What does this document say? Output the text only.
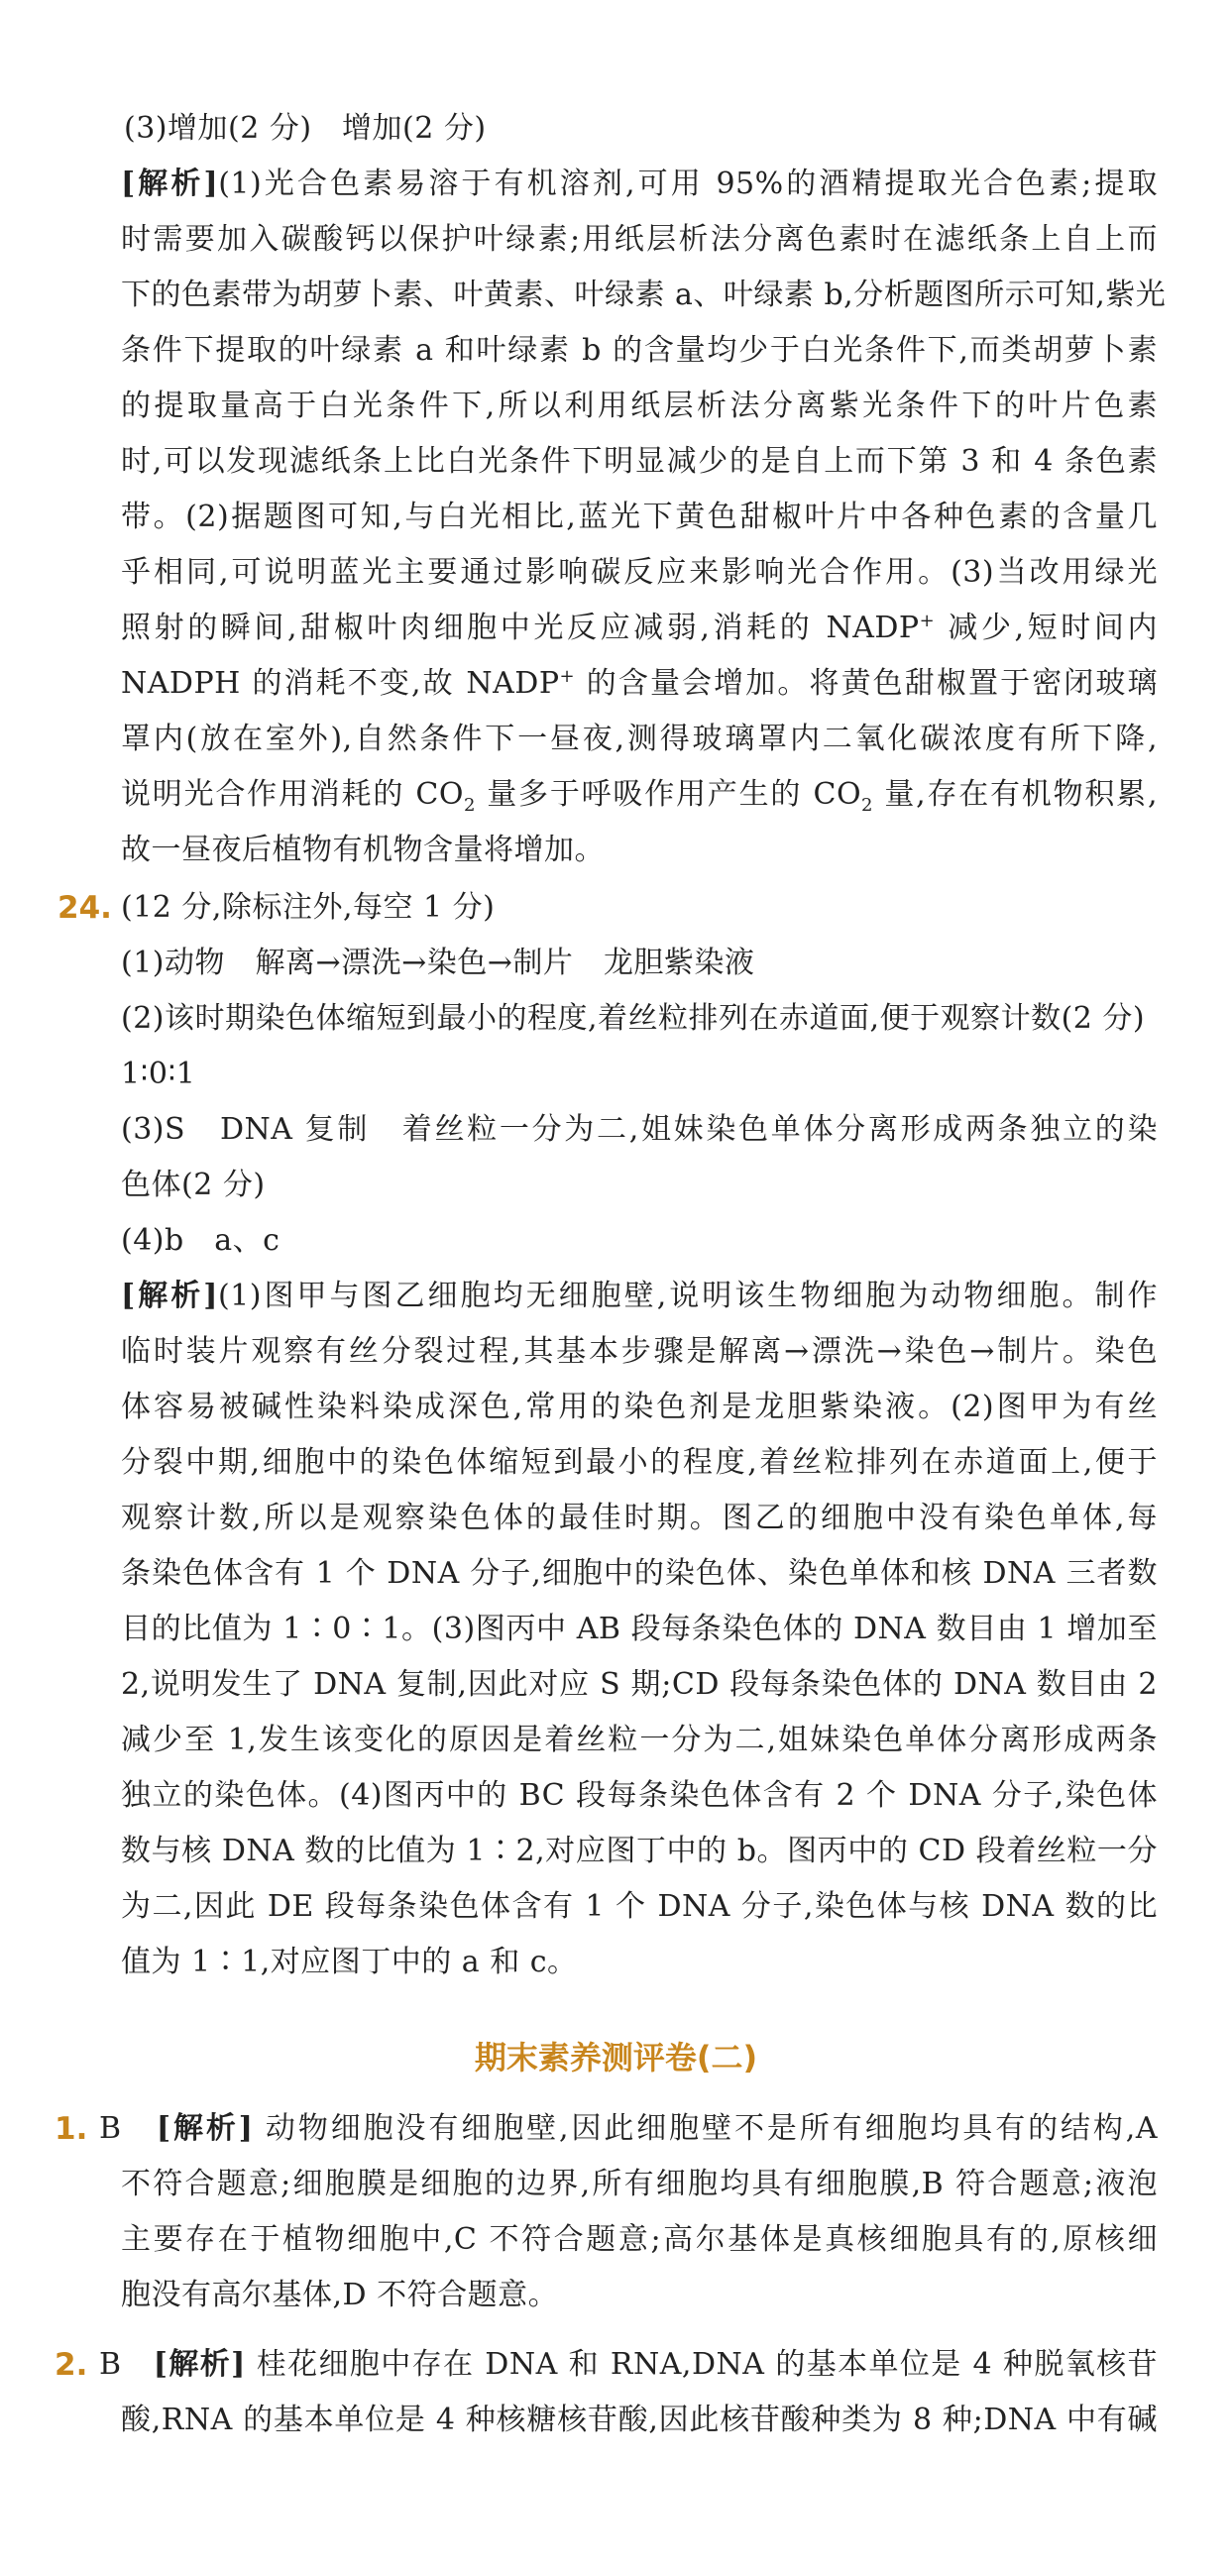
(3)增加(2 分)　增加(2 分)
[解析](1)光合色素易溶于有机溶剂,可用 95%的酒精提取光合色素;提取
时需要加入碳酸钙以保护叶绿素;用纸层析法分离色素时在滤纸条上自上而
下的色素带为胡萝卜素、叶黄素、叶绿素 a、叶绿素 b,分析题图所示可知,紫光
条件下提取的叶绿素 a 和叶绿素 b 的含量均少于白光条件下,而类胡萝卜素
的提取量高于白光条件下,所以利用纸层析法分离紫光条件下的叶片色素
时,可以发现滤纸条上比白光条件下明显减少的是自上而下第 3 和 4 条色素
带。(2)据题图可知,与白光相比,蓝光下黄色甜椒叶片中各种色素的含量几
乎相同,可说明蓝光主要通过影响碳反应来影响光合作用。(3)当改用绿光
照射的瞬间,甜椒叶肉细胞中光反应减弱,消耗的 NADP+ 减少,短时间内
NADPH 的消耗不变,故 NADP+ 的含量会增加。将黄色甜椒置于密闭玻璃
罩内(放在室外),自然条件下一昼夜,测得玻璃罩内二氧化碳浓度有所下降,
说明光合作用消耗的 $CO_2$ 量多于呼吸作用产生的 $CO_2$ 量,存在有机物积累,
故一昼夜后植物有机物含量将增加。
24. (12 分,除标注外,每空 1 分)
(1)动物　解离→漂洗→染色→制片　龙胆紫染液
(2)该时期染色体缩短到最小的程度,着丝粒排列在赤道面,便于观察计数(2 分)
1∶0∶1
(3)S　DNA 复制　着丝粒一分为二,姐妹染色单体分离形成两条独立的染
色体(2 分)
(4)b　a、c
[解析](1)图甲与图乙细胞均无细胞壁,说明该生物细胞为动物细胞。制作
临时装片观察有丝分裂过程,其基本步骤是解离→漂洗→染色→制片。染色
体容易被碱性染料染成深色,常用的染色剂是龙胆紫染液。(2)图甲为有丝
分裂中期,细胞中的染色体缩短到最小的程度,着丝粒排列在赤道面上,便于
观察计数,所以是观察染色体的最佳时期。图乙的细胞中没有染色单体,每
条染色体含有 1 个 DNA 分子,细胞中的染色体、染色单体和核 DNA 三者数
目的比值为 1∶0∶1。(3)图丙中 AB 段每条染色体的 DNA 数目由 1 增加至
2,说明发生了 DNA 复制,因此对应 S 期;CD 段每条染色体的 DNA 数目由 2
减少至 1,发生该变化的原因是着丝粒一分为二,姐妹染色单体分离形成两条
独立的染色体。(4)图丙中的 BC 段每条染色体含有 2 个 DNA 分子,染色体
数与核 DNA 数的比值为 1∶2,对应图丁中的 b。图丙中的 CD 段着丝粒一分
为二,因此 DE 段每条染色体含有 1 个 DNA 分子,染色体与核 DNA 数的比
值为 1∶1,对应图丁中的 a 和 c。
期末素养测评卷(二)
1. B　 [解析] 动物细胞没有细胞壁,因此细胞壁不是所有细胞均具有的结构,A
不符合题意;细胞膜是细胞的边界,所有细胞均具有细胞膜,B 符合题意;液泡
主要存在于植物细胞中,C 不符合题意;高尔基体是真核细胞具有的,原核细
胞没有高尔基体,D 不符合题意。
2. B　 [解析] 桂花细胞中存在 DNA 和 RNA,DNA 的基本单位是 4 种脱氧核苷
酸,RNA 的基本单位是 4 种核糖核苷酸,因此核苷酸种类为 8 种;DNA 中有碱
